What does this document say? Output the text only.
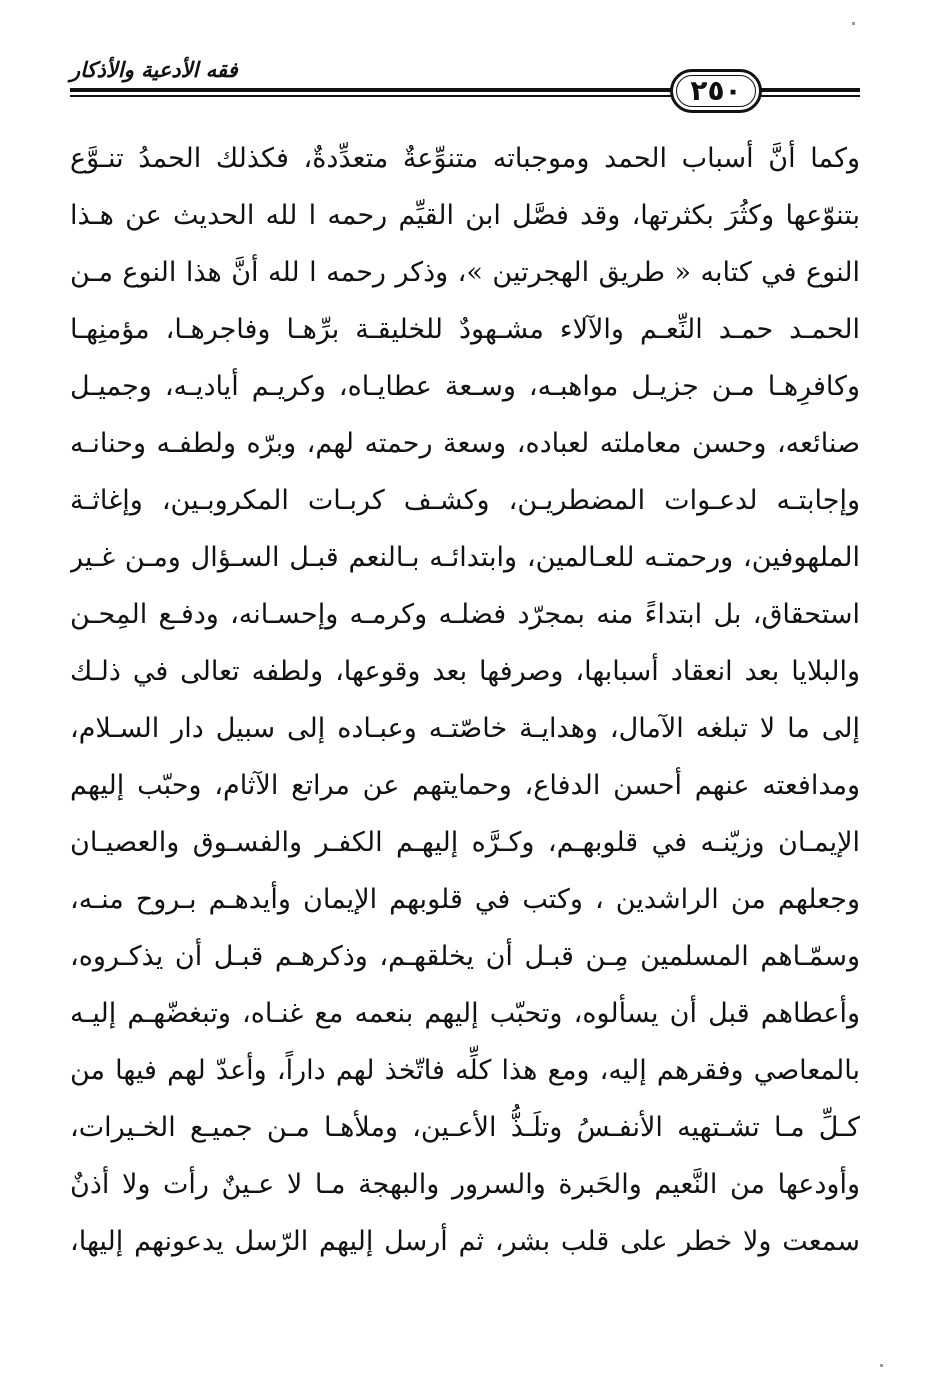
فقه الأدعية والأذكار
٢٥٠
وكما أنَّ أسباب الحمد وموجباته متنوِّعةٌ متعدِّدةٌ، فكذلك الحمدُ تنـوَّع
بتنوّعها وكثُرَ بكثرتها، وقد فصَّل ابن القيِّم رحمه ا لله الحديث عن هـذا
النوع في كتابه « طريق الهجرتين »، وذكر رحمه ا لله أنَّ هذا النوع مـن
الحمـد حمـد النِّعـم والآلاء مشـهودٌ للخليقـة برِّهـا وفاجرهـا، مؤمنِهـا
وكافرِهـا مـن جزيـل مواهبـه، وسـعة عطايـاه، وكريـم أياديـه، وجميـل
صنائعه، وحسن معاملته لعباده، وسعة رحمته لهم، وبرّه ولطفـه وحنانـه
وإجابتـه لدعـوات المضطريـن، وكشـف كربـات المكروبـين، وإغاثـة
الملهوفين، ورحمتـه للعـالمين، وابتدائـه بـالنعم قبـل السـؤال ومـن غـير
استحقاق، بل ابتداءً منه بمجرّد فضلـه وكرمـه وإحسـانه، ودفـع المِحـن
والبلايا بعد انعقاد أسبابها، وصرفها بعد وقوعها، ولطفه تعالى في ذلـك
إلى ما لا تبلغه الآمال، وهدايـة خاصّتـه وعبـاده إلى سبيل دار السـلام،
ومدافعته عنهم أحسن الدفاع، وحمايتهم عن مراتع الآثام، وحبّب إليهم
الإيمـان وزيّنـه في قلوبهـم، وكـرَّه إليهـم الكفـر والفسـوق والعصيـان
وجعلهم من الراشدين ، وكتب في قلوبهم الإيمان وأيدهـم بـروح منـه،
وسمّـاهم المسلمين مِـن قبـل أن يخلقهـم، وذكرهـم قبـل أن يذكـروه،
وأعطاهم قبل أن يسألوه، وتحبّب إليهم بنعمه مع غنـاه، وتبغضّهـم إليـه
بالمعاصي وفقرهم إليه، ومع هذا كلِّه فاتّخذ لهم داراً، وأعدّ لهم فيها من
كـلِّ مـا تشـتهيه الأنفـسُ وتلَـذُّ الأعـين، وملأهـا مـن جميـع الخـيرات،
وأودعها من النَّعيم والحَبرة والسرور والبهجة مـا لا عـينٌ رأت ولا أذنٌ
سمعت ولا خطر على قلب بشر، ثم أرسل إليهم الرّسل يدعونهم إليها،
